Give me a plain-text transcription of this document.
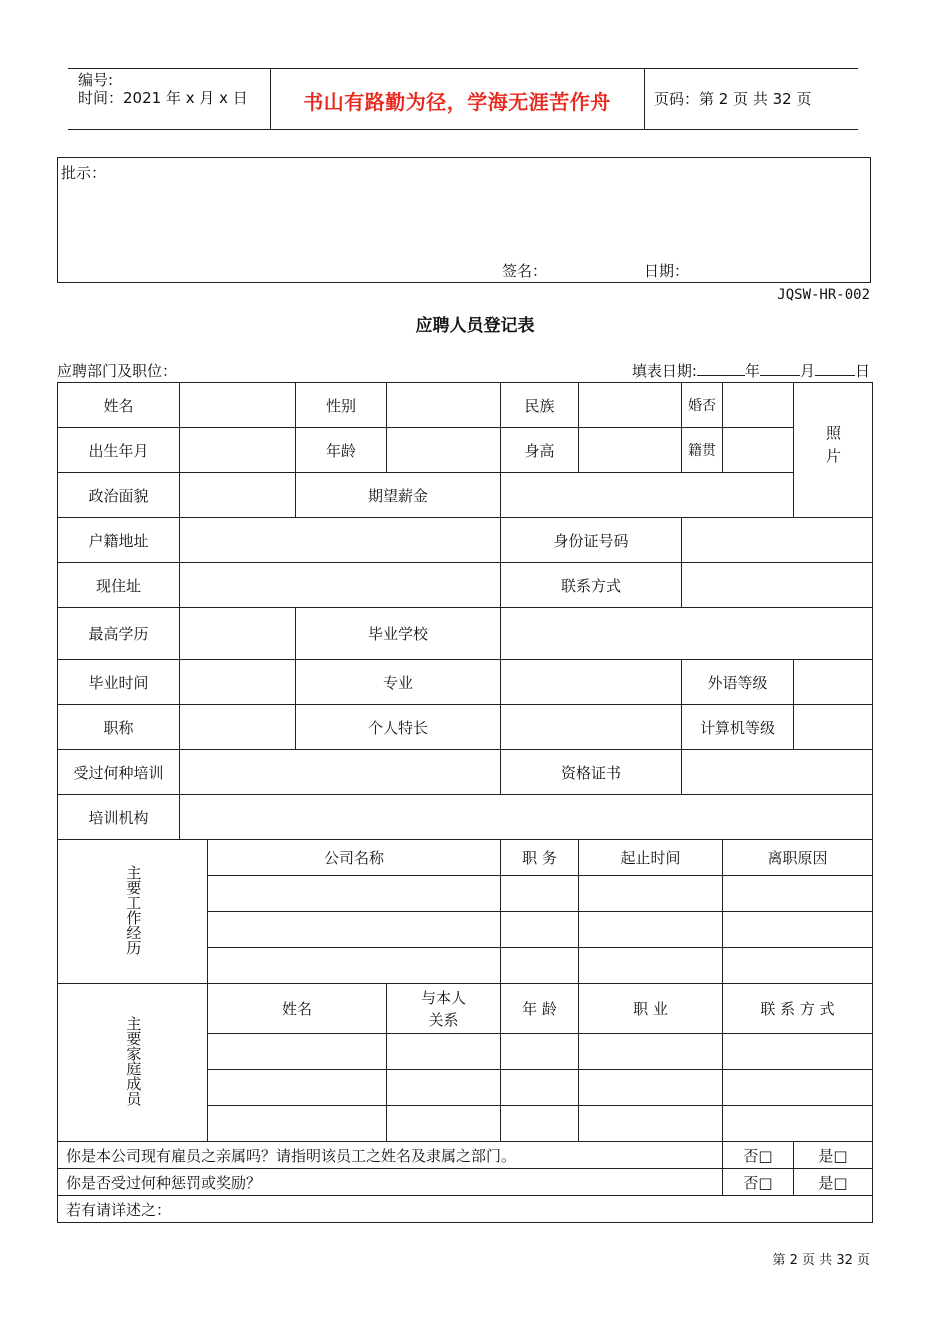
编号:
时间：2021 年 x 月 x 日	书山有路勤为径，学海无涯苦作舟	页码：第 2 页 共 32 页
批示：
签名：	日期：
JQSW-HR-002
应聘人员登记表
应聘部门及职位：	填表日期:	年	月	日
姓名			性别		民族		婚否		照片
出生年月			年龄		身高		籍贯		
政治面貌			期望薪金						
户籍地址					身份证号码				
现住址					联系方式				
最高学历			毕业学校						
毕业时间			专业				外语等级		
职称			个人特长				计算机等级		
受过何种培训					资格证书				
培训机构									
主要工作经历		公司名称			职 务	起止时间		离职原因	

主要家庭成员		姓名		与本人关系	年 龄	职 业		联 系 方 式	

你是本公司现有雇员之亲属吗？请指明该员工之姓名及隶属之部门。								否□	是□
你是否受过何种惩罚或奖励？								否□	是□
若有请详述之：									
第 2 页 共 32 页
